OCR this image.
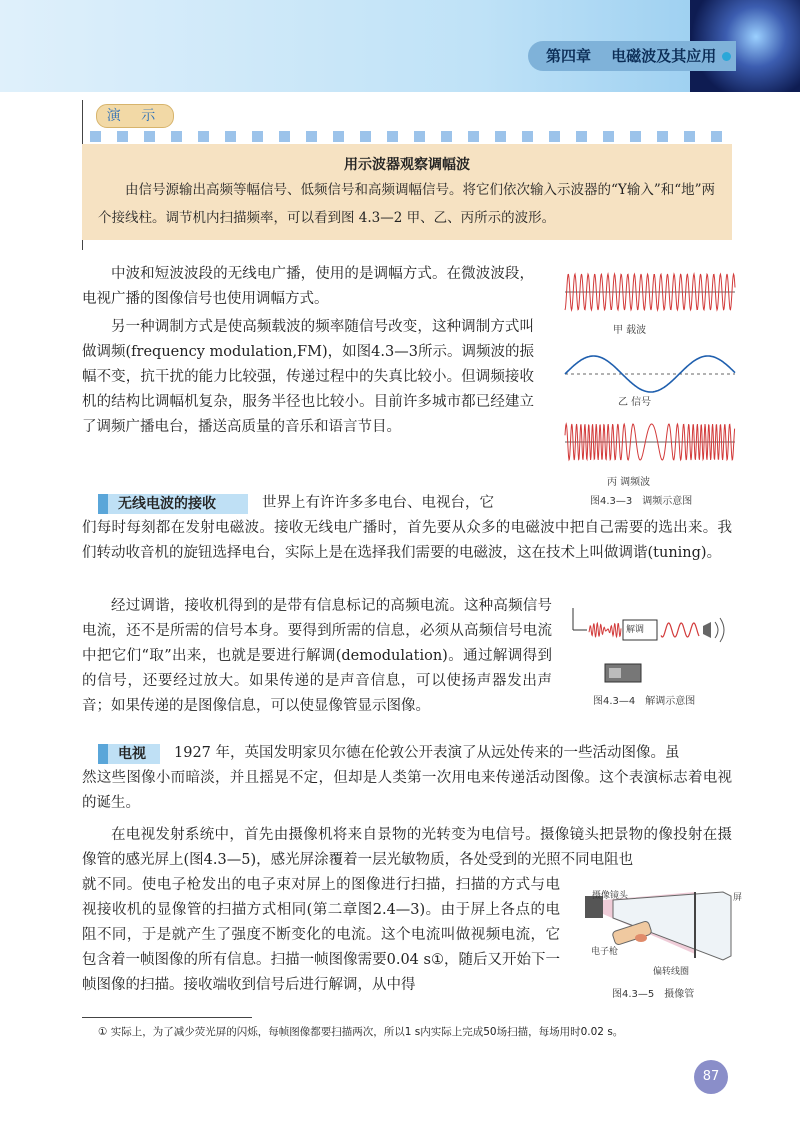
第四章　 电磁波及其应用
演 示
用示波器观察调幅波
由信号源输出高频等幅信号、低频信号和高频调幅信号。将它们依次输入示波器的“Y输入”和“地”两个接线柱。调节机内扫描频率，可以看到图 4.3—2 甲、乙、丙所示的波形。
中波和短波波段的无线电广播，使用的是调幅方式。在微波波段，电视广播的图像信号也使用调幅方式。
另一种调制方式是使高频载波的频率随信号改变，这种调制方式叫做调频(frequency modulation,FM)，如图4.3—3所示。调频波的振幅不变，抗干扰的能力比较强，传递过程中的失真比较小。但调频接收机的结构比调幅机复杂，服务半径也比较小。目前许多城市都已经建立了调频广播电台，播送高质量的音乐和语言节目。
甲 载波
乙 信号
丙 调频波
图4.3—3　调频示意图
无线电波的接收	世界上有许许多多电台、电视台，它
们每时每刻都在发射电磁波。接收无线电广播时，首先要从众多的电磁波中把自己需要的选出来。我们转动收音机的旋钮选择电台，实际上是在选择我们需要的电磁波，这在技术上叫做调谐(tuning)。
经过调谐，接收机得到的是带有信息标记的高频电流。这种高频信号电流，还不是所需的信号本身。要得到所需的信息，必须从高频信号电流中把它们“取”出来，也就是要进行解调(demodulation)。通过解调得到的信号，还要经过放大。如果传递的是声音信息，可以使扬声器发出声音；如果传递的是图像信息，可以使显像管显示图像。
解调
图4.3—4　解调示意图
电视	1927 年，英国发明家贝尔德在伦敦公开表演了从远处传来的一些活动图像。虽
然这些图像小而暗淡，并且摇晃不定，但却是人类第一次用电来传递活动图像。这个表演标志着电视的诞生。
在电视发射系统中，首先由摄像机将来自景物的光转变为电信号。摄像镜头把景物的像投射在摄像管的感光屏上(图4.3—5)，感光屏涂覆着一层光敏物质，各处受到的光照不同电阻也
就不同。使电子枪发出的电子束对屏上的图像进行扫描，扫描的方式与电视接收机的显像管的扫描方式相同(第二章图2.4—3)。由于屏上各点的电阻不同，于是就产生了强度不断变化的电流。这个电流叫做视频电流，它包含着一帧图像的所有信息。扫描一帧图像需要0.04 s①，随后又开始下一帧图像的扫描。接收端收到信号后进行解调，从中得
摄像镜头	屏
电子枪
偏转线圈
图4.3—5　摄像管
① 实际上，为了减少荧光屏的闪烁，每帧图像都要扫描两次，所以1 s内实际上完成50场扫描，每场用时0.02 s。
87
